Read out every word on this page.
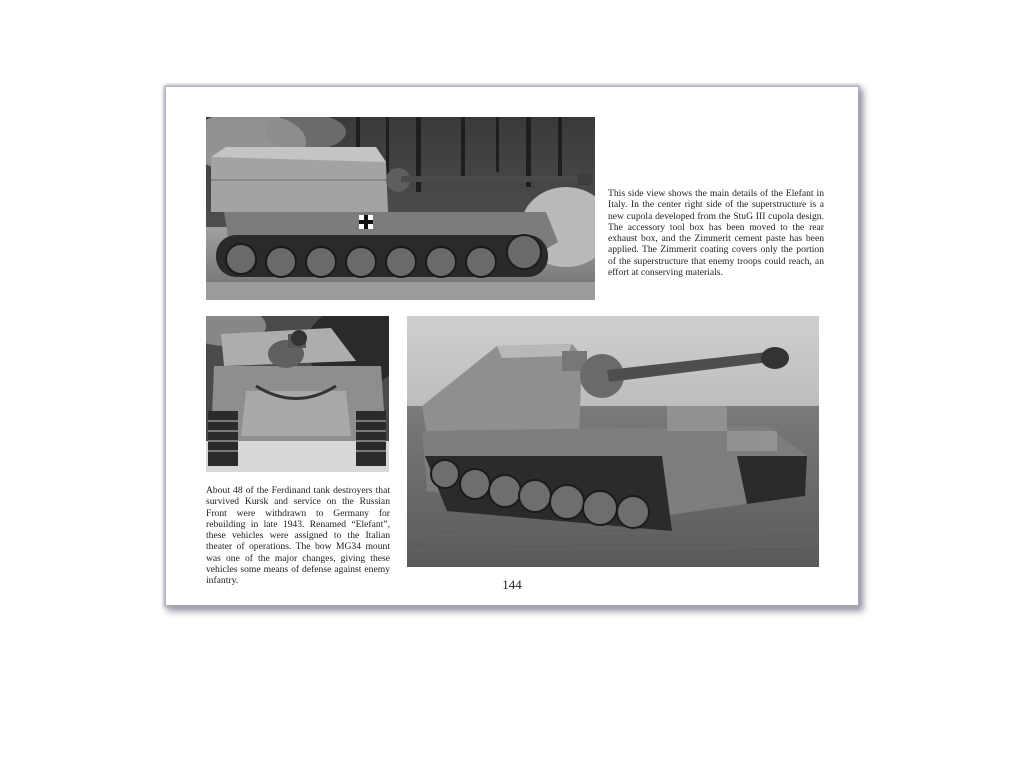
This side view shows the main details of the Elefant in Italy. In the center right side of the superstructure is a new cupola developed from the StuG III cupola design. The accessory tool box has been moved to the rear exhaust box, and the Zimmerit cement paste has been applied. The Zimmerit coating covers only the portion of the superstructure that enemy troops could reach, an effort at conserving materials.

About 48 of the Ferdinand tank destroyers that survived Kursk and service on the Russian Front were withdrawn to Germany for rebuilding in late 1943. Renamed “Elefant”, these vehicles were assigned to the Italian theater of operations. The bow MG34 mount was one of the major changes, giving these vehicles some means of defense against enemy infantry.	144
